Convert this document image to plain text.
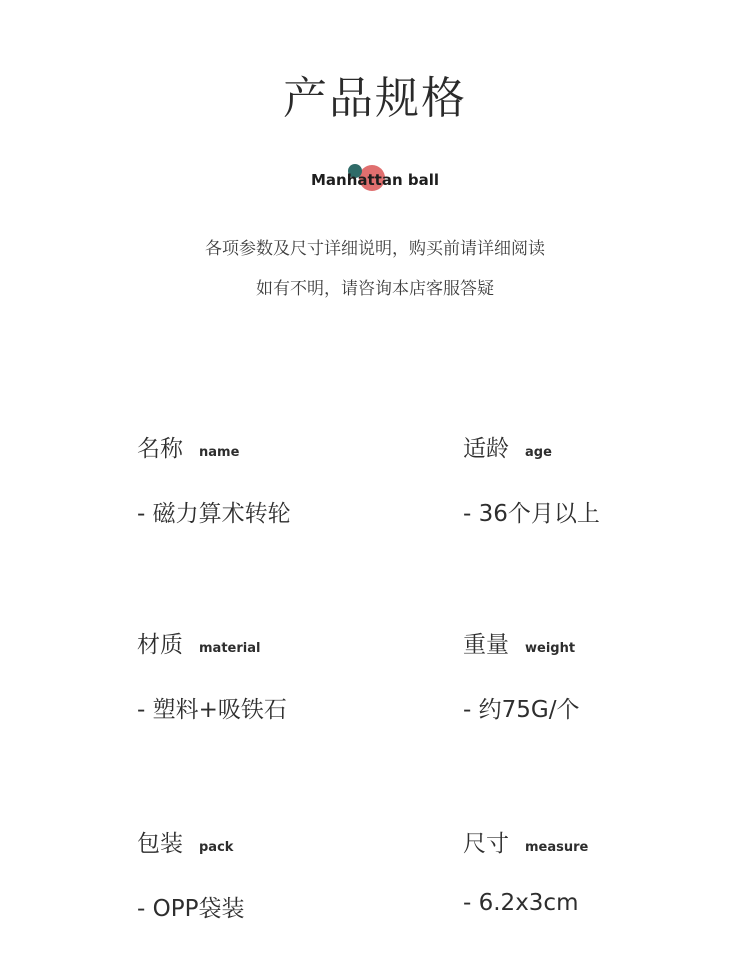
产品规格
Manhattan ball
各项参数及尺寸详细说明，购买前请详细阅读
如有不明，请咨询本店客服答疑
名称 name
- 磁力算术转轮
适龄 age
- 36个月以上
材质 material
- 塑料+吸铁石
重量 weight
- 约75G/个
包装 pack
- OPP袋装
尺寸 measure
- 6.2x3cm
